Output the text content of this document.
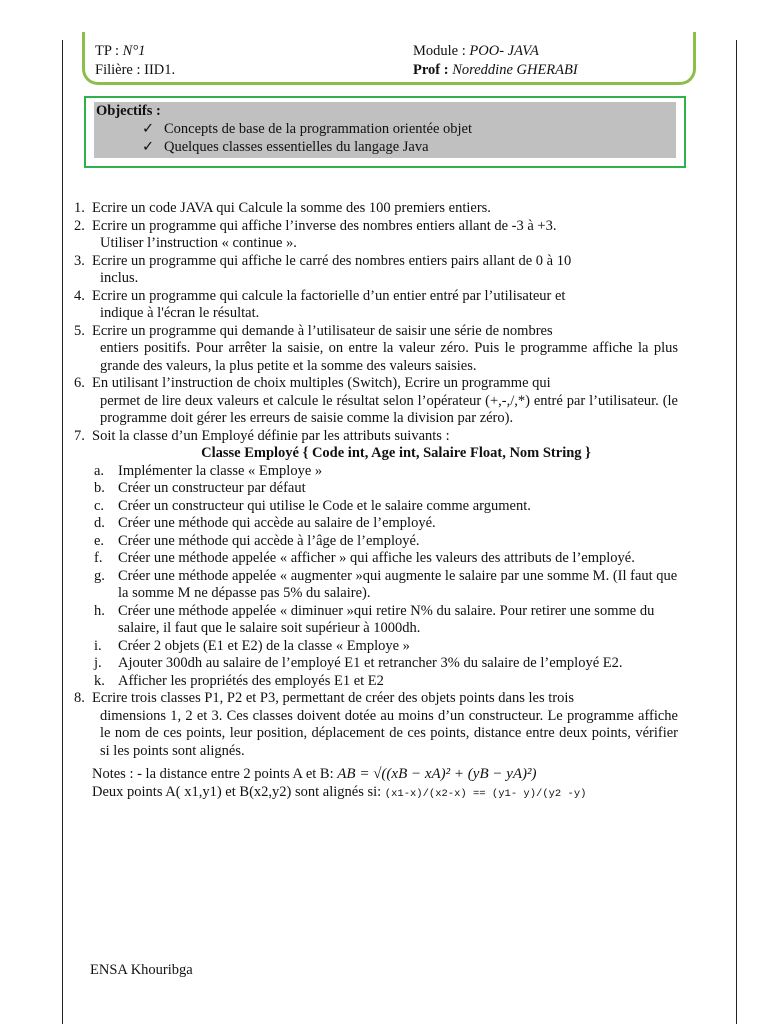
TP : N°1
Filière : IID1.
Module : POO- JAVA
Prof : Noreddine GHERABI
Objectifs :
✓ Concepts de base de la programmation orientée objet
✓ Quelques classes essentielles du langage Java
1. Ecrire un code JAVA qui Calcule la somme des 100 premiers entiers.
2. Ecrire un programme qui affiche l’inverse des nombres entiers allant de -3 à +3.
Utiliser l’instruction « continue ».
3. Ecrire un programme qui affiche le carré des nombres entiers pairs allant de 0 à 10
inclus.
4. Ecrire un programme qui calcule la factorielle d’un entier entré par l’utilisateur et
indique à l'écran le résultat.
5. Ecrire un programme qui demande à l’utilisateur de saisir une série de nombres
entiers positifs. Pour arrêter la saisie, on entre la valeur zéro. Puis le programme affiche la plus grande des valeurs, la plus petite et la somme des valeurs saisies.
6. En utilisant l’instruction de choix multiples (Switch), Ecrire un programme qui
permet de lire deux valeurs et calcule le résultat selon l’opérateur (+,-,/,*) entré par l’utilisateur. (le programme doit gérer les erreurs de saisie comme la division par zéro).
7. Soit la classe d’un Employé définie par les attributs suivants :
Classe Employé { Code int, Age int, Salaire Float, Nom String }
a. Implémenter la classe « Employe »
b. Créer un constructeur par défaut
c. Créer un constructeur qui utilise le Code et le salaire comme argument.
d. Créer une méthode qui accède au salaire de l’employé.
e. Créer une méthode qui accède à l’âge de l’employé.
f. Créer une méthode appelée « afficher » qui affiche les valeurs des attributs de l’employé.
g. Créer une méthode appelée « augmenter »qui augmente le salaire par une somme M. (Il faut que la somme M ne dépasse pas 5% du salaire).
h. Créer une méthode appelée « diminuer »qui retire N% du salaire. Pour retirer une somme du salaire, il faut que le salaire soit supérieur à 1000dh.
i. Créer 2 objets (E1 et E2) de la classe « Employe »
j. Ajouter 300dh au salaire de l’employé E1 et retrancher 3% du salaire de l’employé E2.
k. Afficher les propriétés des employés E1 et E2
8. Ecrire trois classes P1, P2 et P3, permettant de créer des objets points dans les trois
dimensions 1, 2 et 3. Ces classes doivent dotée au moins d’un constructeur. Le programme affiche le nom de ces points, leur position, déplacement de ces points, distance entre deux points, vérifier si les points sont alignés.
Notes : - la distance entre 2 points A et B: AB = √((xB − xA)² + (yB − yA)²)
Deux points A( x1,y1) et B(x2,y2) sont alignés si: (x1-x)/(x2-x) == (y1- y)/(y2 -y)
ENSA Khouribga
